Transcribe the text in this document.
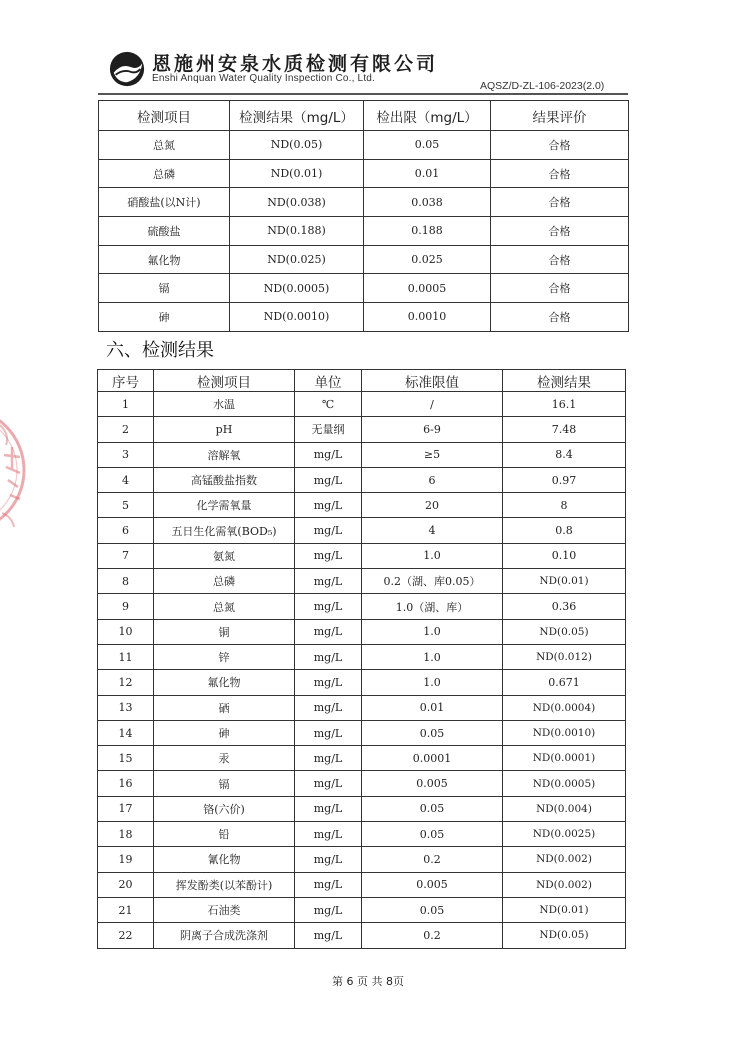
恩施州安泉水质检测有限公司
Enshi Anquan Water Quality Inspection Co., Ltd.
AQSZ/D-ZL-106-2023(2.0)
检测项目	检测结果（mg/L）	检出限（mg/L）	结果评价
总氮	ND(0.05)	0.05	合格
总磷	ND(0.01)	0.01	合格
硝酸盐(以N计)	ND(0.038)	0.038	合格
硫酸盐	ND(0.188)	0.188	合格
氟化物	ND(0.025)	0.025	合格
镉	ND(0.0005)	0.0005	合格
砷	ND(0.0010)	0.0010	合格
六、检测结果
序号	检测项目	单位	标准限值	检测结果
1	水温	℃	/	16.1
2	pH	无量纲	6-9	7.48
3	溶解氧	mg/L	≥5	8.4
4	高锰酸盐指数	mg/L	6	0.97
5	化学需氧量	mg/L	20	8
6	五日生化需氧(BOD₅)	mg/L	4	0.8
7	氨氮	mg/L	1.0	0.10
8	总磷	mg/L	0.2（湖、库0.05）	ND(0.01)
9	总氮	mg/L	1.0（湖、库）	0.36
10	铜	mg/L	1.0	ND(0.05)
11	锌	mg/L	1.0	ND(0.012)
12	氟化物	mg/L	1.0	0.671
13	硒	mg/L	0.01	ND(0.0004)
14	砷	mg/L	0.05	ND(0.0010)
15	汞	mg/L	0.0001	ND(0.0001)
16	镉	mg/L	0.005	ND(0.0005)
17	铬(六价)	mg/L	0.05	ND(0.004)
18	铅	mg/L	0.05	ND(0.0025)
19	氰化物	mg/L	0.2	ND(0.002)
20	挥发酚类(以苯酚计)	mg/L	0.005	ND(0.002)
21	石油类	mg/L	0.05	ND(0.01)
22	阴离子合成洗涤剂	mg/L	0.2	ND(0.05)
第 6 页 共 8页
